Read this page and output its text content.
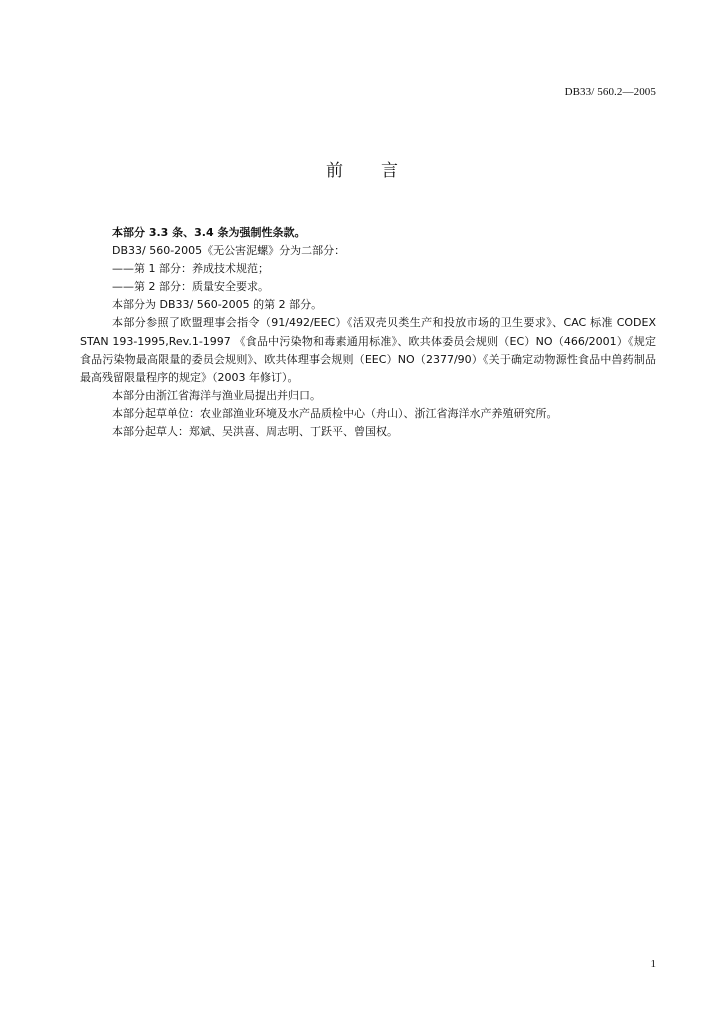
DB33/ 560.2—2005
前言

本部分 3.3 条、3.4 条为强制性条款。

DB33/ 560-2005《无公害泥螺》分为二部分：

——第 1 部分：养成技术规范；

——第 2 部分：质量安全要求。

本部分为 DB33/ 560-2005 的第 2 部分。

本部分参照了欧盟理事会指令（91/492/EEC）《活双壳贝类生产和投放市场的卫生要求》、CAC 标准 CODEX STAN 193-1995,Rev.1-1997 《食品中污染物和毒素通用标准》、欧共体委员会规则（EC）NO（466/2001）《规定食品污染物最高限量的委员会规则》、欧共体理事会规则（EEC）NO（2377/90）《关于确定动物源性食品中兽药制品最高残留限量程序的规定》（2003 年修订）。

本部分由浙江省海洋与渔业局提出并归口。

本部分起草单位：农业部渔业环境及水产品质检中心（舟山）、浙江省海洋水产养殖研究所。

本部分起草人：郑斌、吴洪喜、周志明、丁跃平、曾国权。

1
